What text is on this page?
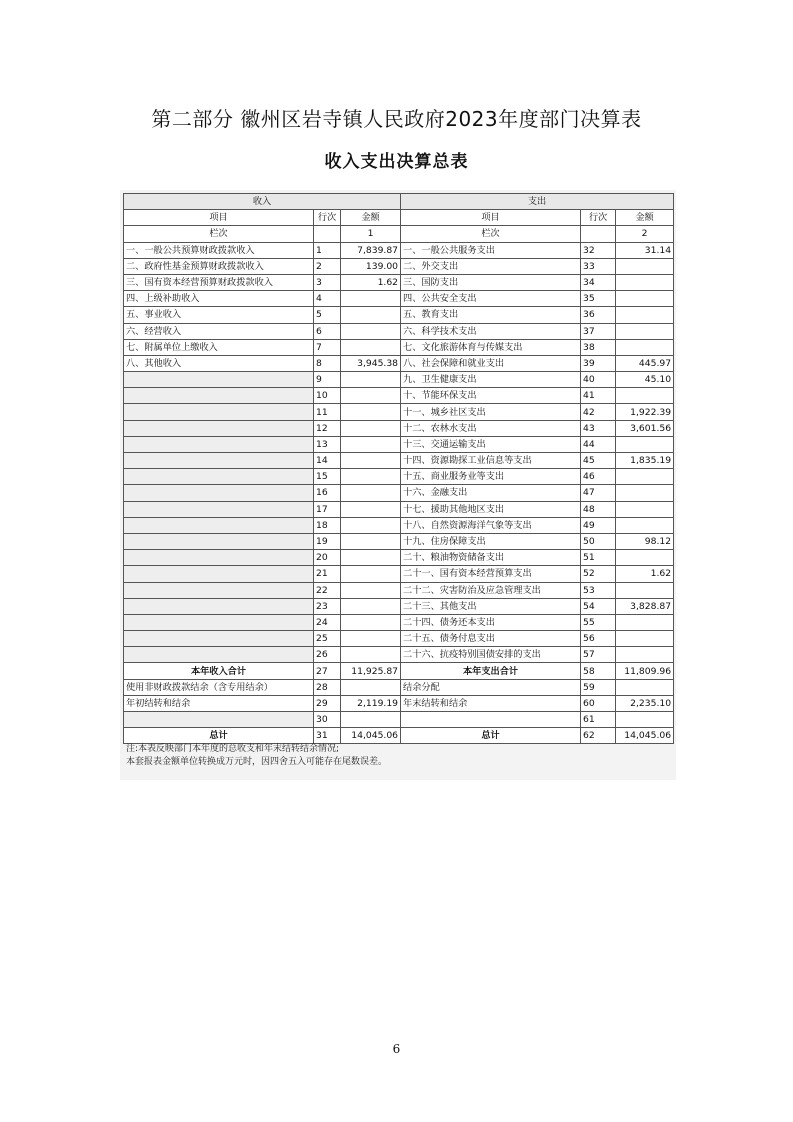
第二部分 徽州区岩寺镇人民政府2023年度部门决算表
收入支出决算总表
收入			支出		
项目	行次	金额	项目	行次	金额
栏次		1	栏次		2
一、一般公共预算财政拨款收入	1	7,839.87	一、一般公共服务支出	32	31.14
二、政府性基金预算财政拨款收入	2	139.00	二、外交支出	33	
三、国有资本经营预算财政拨款收入	3	1.62	三、国防支出	34	
四、上级补助收入	4		四、公共安全支出	35	
五、事业收入	5		五、教育支出	36	
六、经营收入	6		六、科学技术支出	37	
七、附属单位上缴收入	7		七、文化旅游体育与传媒支出	38	
八、其他收入	8	3,945.38	八、社会保障和就业支出	39	445.97
	9		九、卫生健康支出	40	45.10
	10		十、节能环保支出	41	
	11		十一、城乡社区支出	42	1,922.39
	12		十二、农林水支出	43	3,601.56
	13		十三、交通运输支出	44	
	14		十四、资源勘探工业信息等支出	45	1,835.19
	15		十五、商业服务业等支出	46	
	16		十六、金融支出	47	
	17		十七、援助其他地区支出	48	
	18		十八、自然资源海洋气象等支出	49	
	19		十九、住房保障支出	50	98.12
	20		二十、粮油物资储备支出	51	
	21		二十一、国有资本经营预算支出	52	1.62
	22		二十二、灾害防治及应急管理支出	53	
	23		二十三、其他支出	54	3,828.87
	24		二十四、债务还本支出	55	
	25		二十五、债务付息支出	56	
	26		二十六、抗疫特别国债安排的支出	57	
本年收入合计	27	11,925.87	本年支出合计	58	11,809.96
使用非财政拨款结余（含专用结余）	28		结余分配	59	
年初结转和结余	29	2,119.19	年末结转和结余	60	2,235.10
	30			61	
总计	31	14,045.06	总计	62	14,045.06
注:本表反映部门本年度的总收支和年末结转结余情况;
本套报表金额单位转换成万元时，因四舍五入可能存在尾数误差。
6
